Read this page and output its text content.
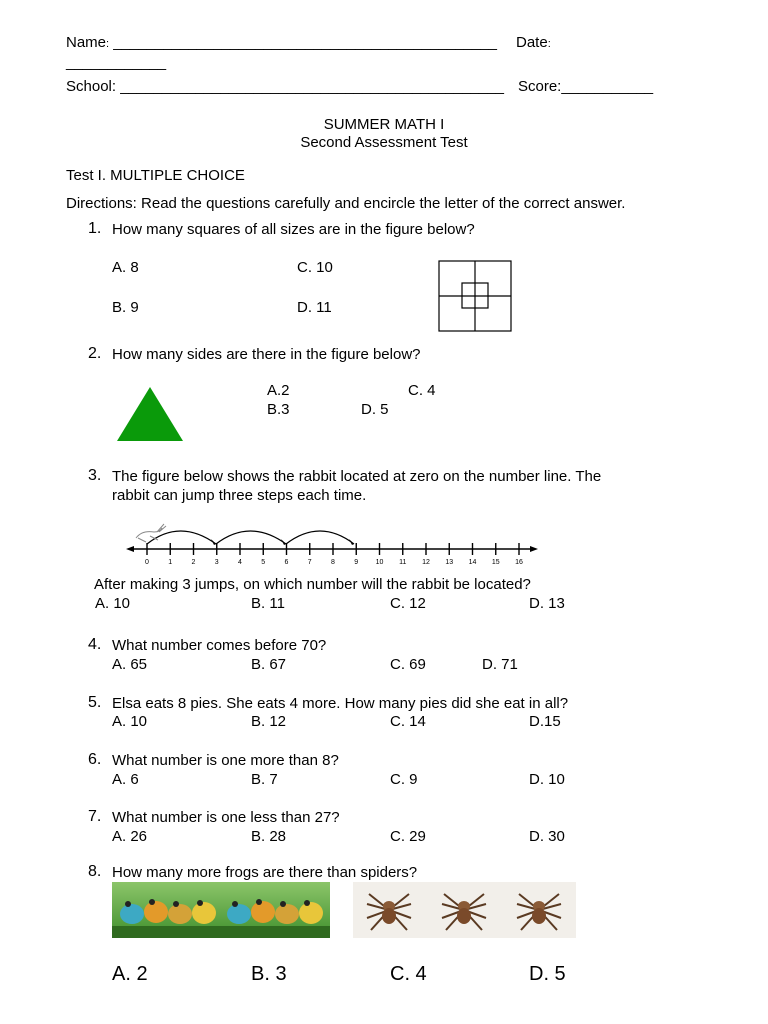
Name: ______________________________________________ Date:
____________
School: ______________________________________________ Score:___________
SUMMER MATH I
Second Assessment Test
Test I. MULTIPLE CHOICE
Directions: Read the questions carefully and encircle the letter of the correct answer.
1. How many squares of all sizes are in the figure below?
A. 8	C. 10
B. 9	D. 11
2. How many sides are there in the figure below?
A.2	C. 4
B.3	D. 5
3. The figure below shows the rabbit located at zero on the number line. The
rabbit can jump three steps each time.
0	1	2	3	4	5	6	7	8	9 10 11 12 13 14 15 16
After making 3 jumps, on which number will the rabbit be located?
A. 10	B. 11	C. 12	D. 13
4. What number comes before 70?
A. 65	B. 67	C. 69	D. 71
5. Elsa eats 8 pies. She eats 4 more. How many pies did she eat in all?
A. 10	B. 12	C. 14	D.15
6. What number is one more than 8?
A. 6	B. 7	C. 9	D. 10
7. What number is one less than 27?
A. 26	B. 28	C. 29	D. 30
8. How many more frogs are there than spiders?
A. 2	B. 3	C. 4	D. 5
